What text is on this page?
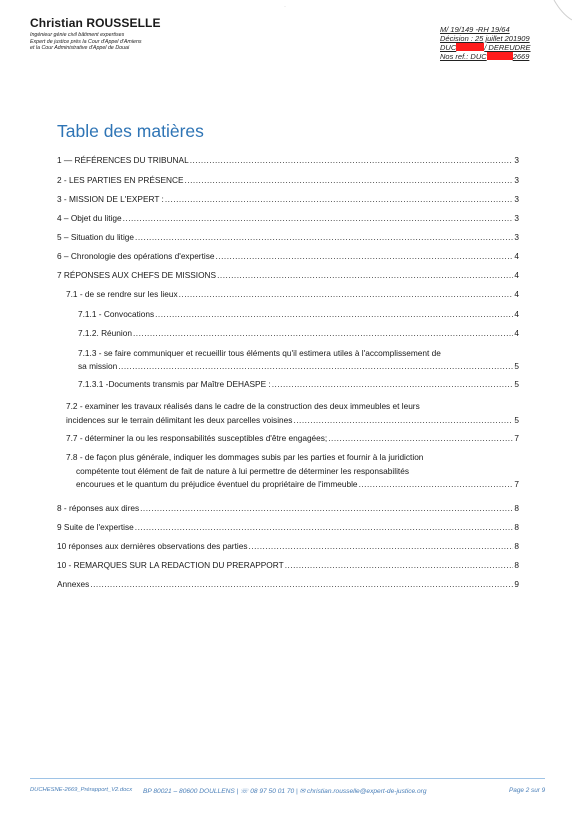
·
Christian ROUSSELLE
Ingénieur génie civil bâtiment expertises
Expert de justice près la Cour d'Appel d'Amiens
et la Cour Administrative d'Appel de Douai
M/ 19/149 -RH 19/64
Décision : 25 juillet 201909
DUC	/ DEREUDRE
Nos ref.: DUC	2669
Table des matières
1 — RÉFÉRENCES DU TRIBUNAL .....	3
2 - LES PARTIES EN PRÉSENCE .....	3
3 - MISSION DE L'EXPERT : .....	3
4 – Objet du litige .....	3
5 – Situation du litige .....	3
6 – Chronologie des opérations d'expertise .....	4
7 RÉPONSES AUX CHEFS DE MISSIONS .....	4
7.1 - de se rendre sur les lieux .....	4
7.1.1 - Convocations .....	4
7.1.2. Réunion .....	4
7.1.3 - se faire communiquer et recueillir tous éléments qu'il estimera utiles à l'accomplissement de
sa mission .....	5
7.1.3.1 -Documents transmis par Maître DEHASPE : .....	5
7.2 - examiner les travaux réalisés dans le cadre de la construction des deux immeubles et leurs
incidences sur le terrain délimitant les deux parcelles voisines .....	5
7.7 - déterminer la ou les responsabilités susceptibles d'être engagées; .....	7
7.8 - de façon plus générale, indiquer les dommages subis par les parties et fournir à la juridiction
compétente tout élément de fait de nature à lui permettre de déterminer les responsabilités
encourues et le quantum du préjudice éventuel du propriétaire de l'immeuble .....	7
8 - réponses aux dires .....	8
9 Suite de l'expertise .....	8
10 réponses aux dernières observations des parties .....	8
10 - REMARQUES SUR LA REDACTION DU PRERAPPORT .....	8
Annexes .....	9
DUCHESNE-2669_Prérapport_V2.docx BP 80021 – 80600 DOULLENS | ☏ 08 97 50 01 70 | ✉ christian.rousselle@expert-de-justice.org	Page 2 sur 9
